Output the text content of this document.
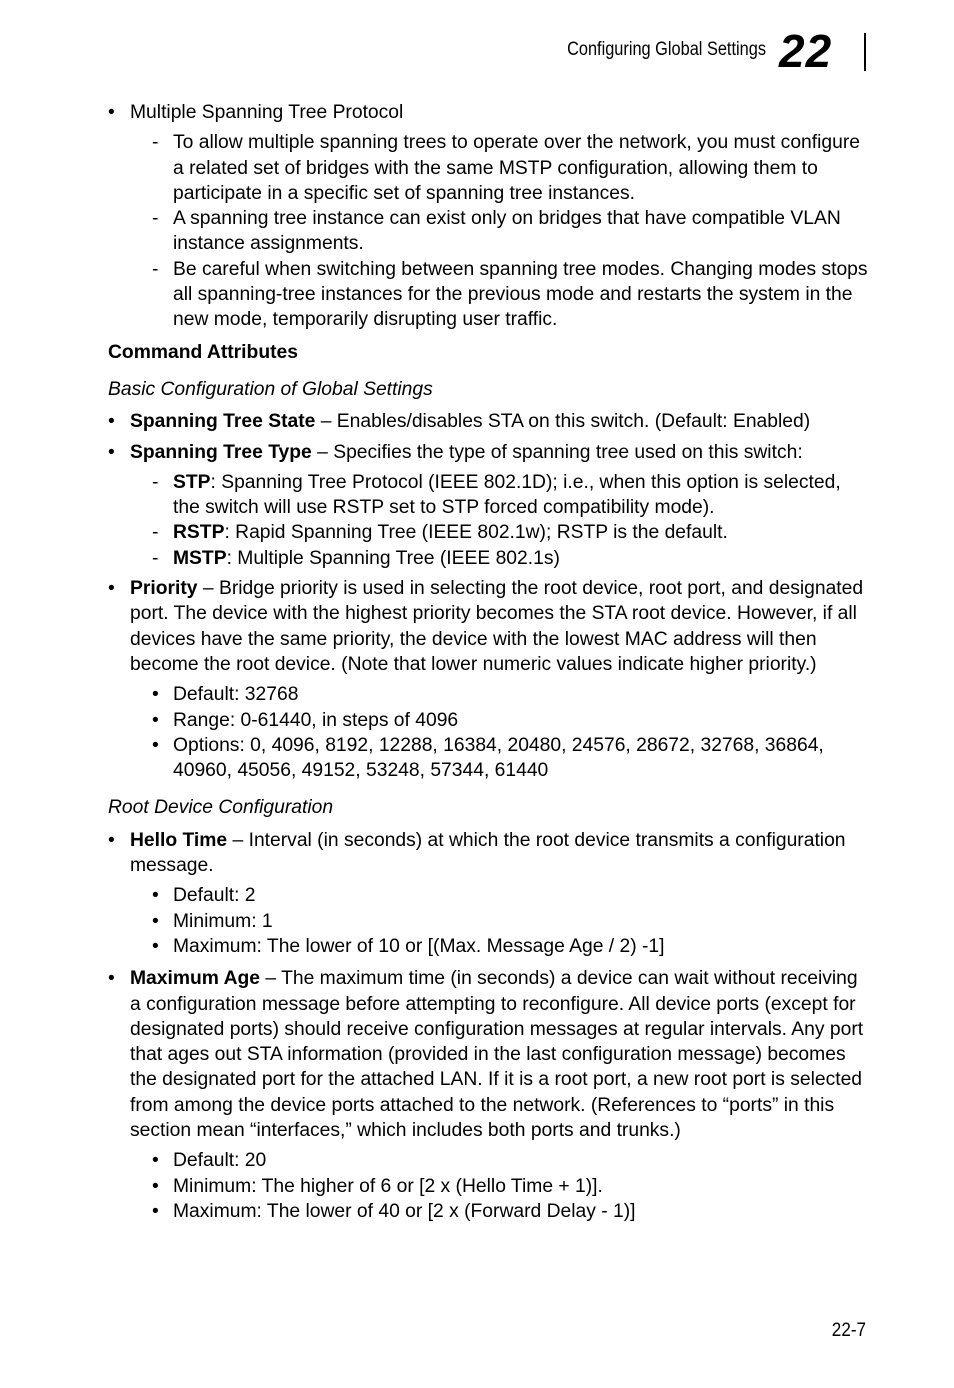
Configuring Global Settings 22
• Multiple Spanning Tree Protocol
- To allow multiple spanning trees to operate over the network, you must configure a related set of bridges with the same MSTP configuration, allowing them to participate in a specific set of spanning tree instances.
- A spanning tree instance can exist only on bridges that have compatible VLAN instance assignments.
- Be careful when switching between spanning tree modes. Changing modes stops all spanning-tree instances for the previous mode and restarts the system in the new mode, temporarily disrupting user traffic.
Command Attributes
Basic Configuration of Global Settings
• Spanning Tree State – Enables/disables STA on this switch. (Default: Enabled)
• Spanning Tree Type – Specifies the type of spanning tree used on this switch:
- STP: Spanning Tree Protocol (IEEE 802.1D); i.e., when this option is selected, the switch will use RSTP set to STP forced compatibility mode).
- RSTP: Rapid Spanning Tree (IEEE 802.1w); RSTP is the default.
- MSTP: Multiple Spanning Tree (IEEE 802.1s)
• Priority – Bridge priority is used in selecting the root device, root port, and designated port. The device with the highest priority becomes the STA root device. However, if all devices have the same priority, the device with the lowest MAC address will then become the root device. (Note that lower numeric values indicate higher priority.)
• Default: 32768
• Range: 0-61440, in steps of 4096
• Options: 0, 4096, 8192, 12288, 16384, 20480, 24576, 28672, 32768, 36864, 40960, 45056, 49152, 53248, 57344, 61440
Root Device Configuration
• Hello Time – Interval (in seconds) at which the root device transmits a configuration message.
• Default: 2
• Minimum: 1
• Maximum: The lower of 10 or [(Max. Message Age / 2) -1]
• Maximum Age – The maximum time (in seconds) a device can wait without receiving a configuration message before attempting to reconfigure. All device ports (except for designated ports) should receive configuration messages at regular intervals. Any port that ages out STA information (provided in the last configuration message) becomes the designated port for the attached LAN. If it is a root port, a new root port is selected from among the device ports attached to the network. (References to “ports” in this section mean “interfaces,” which includes both ports and trunks.)
• Default: 20
• Minimum: The higher of 6 or [2 x (Hello Time + 1)].
• Maximum: The lower of 40 or [2 x (Forward Delay - 1)]
22-7
